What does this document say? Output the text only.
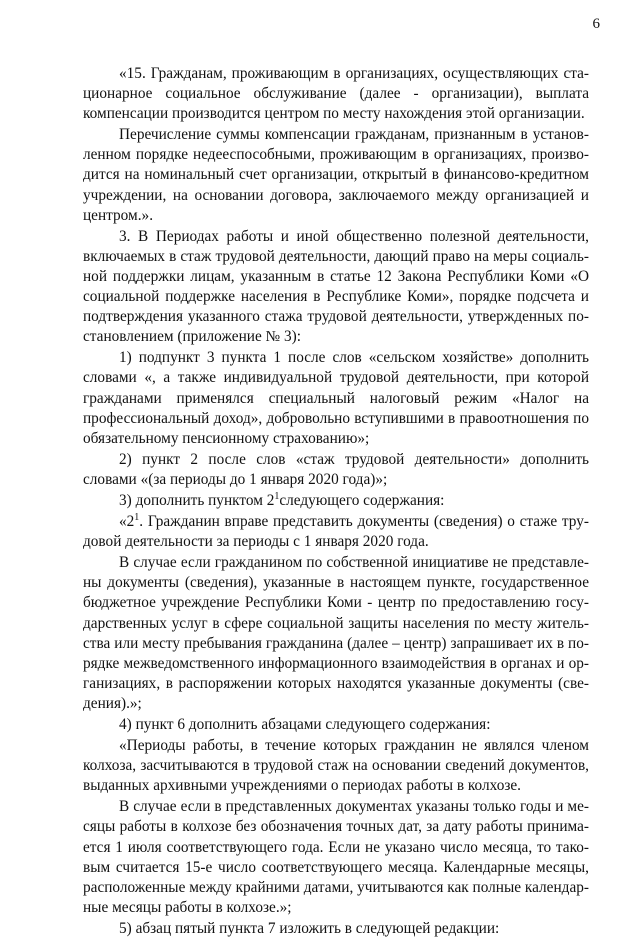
6

«15. Гражданам, проживающим в организациях, осуществляющих стационарное социальное обслуживание (далее - организации), выплата компенсации производится центром по месту нахождения этой организации.

Перечисление суммы компенсации гражданам, признанным в установленном порядке недееспособными, проживающим в организациях, производится на номинальный счет организации, открытый в финансово-кредитном учреждении, на основании договора, заключаемого между организацией и центром.».

3. В Периодах работы и иной общественно полезной деятельности, включаемых в стаж трудовой деятельности, дающий право на меры социальной поддержки лицам, указанным в статье 12 Закона Республики Коми «О социальной поддержке населения в Республике Коми», порядке подсчета и подтверждения указанного стажа трудовой деятельности, утвержденных постановлением (приложение № 3):

1) подпункт 3 пункта 1 после слов «сельском хозяйстве» дополнить словами «, а также индивидуальной трудовой деятельности, при которой гражданами применялся специальный налоговый режим «Налог на профессиональный доход», добровольно вступившими в правоотношения по обязательному пенсионному страхованию»;

2) пункт 2 после слов «стаж трудовой деятельности» дополнить словами «(за периоды до 1 января 2020 года)»;

3) дополнить пунктом $2^1следующего$ содержания:

«$2^1$. Гражданин вправе представить документы (сведения) о стаже трудовой деятельности за периоды с 1 января 2020 года.

В случае если гражданином по собственной инициативе не представлены документы (сведения), указанные в настоящем пункте, государственное бюджетное учреждение Республики Коми - центр по предоставлению государственных услуг в сфере социальной защиты населения по месту жительства или месту пребывания гражданина (далее – центр) запрашивает их в порядке межведомственного информационного взаимодействия в органах и организациях, в распоряжении которых находятся указанные документы (сведения).»;

4) пункт 6 дополнить абзацами следующего содержания:

«Периоды работы, в течение которых гражданин не являлся членом колхоза, засчитываются в трудовой стаж на основании сведений документов, выданных архивными учреждениями о периодах работы в колхозе.

В случае если в представленных документах указаны только годы и месяцы работы в колхозе без обозначения точных дат, за дату работы принимается 1 июля соответствующего года. Если не указано число месяца, то таковым считается 15-е число соответствующего месяца. Календарные месяцы, расположенные между крайними датами, учитываются как полные календарные месяцы работы в колхозе.»;

5) абзац пятый пункта 7 изложить в следующей редакции:
